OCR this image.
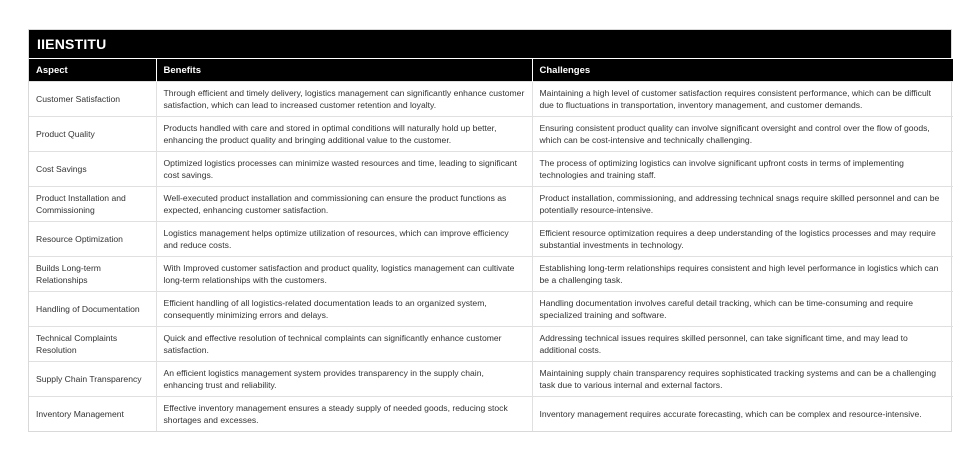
IIENSTITU
Aspect	Benefits	Challenges
Customer Satisfaction	Through efficient and timely delivery, logistics management can significantly enhance customer satisfaction, which can lead to increased customer retention and loyalty.	Maintaining a high level of customer satisfaction requires consistent performance, which can be difficult due to fluctuations in transportation, inventory management, and customer demands.
Product Quality	Products handled with care and stored in optimal conditions will naturally hold up better, enhancing the product quality and bringing additional value to the customer.	Ensuring consistent product quality can involve significant oversight and control over the flow of goods, which can be cost-intensive and technically challenging.
Cost Savings	Optimized logistics processes can minimize wasted resources and time, leading to significant cost savings.	The process of optimizing logistics can involve significant upfront costs in terms of implementing technologies and training staff.
Product Installation and Commissioning	Well-executed product installation and commissioning can ensure the product functions as expected, enhancing customer satisfaction.	Product installation, commissioning, and addressing technical snags require skilled personnel and can be potentially resource-intensive.
Resource Optimization	Logistics management helps optimize utilization of resources, which can improve efficiency and reduce costs.	Efficient resource optimization requires a deep understanding of the logistics processes and may require substantial investments in technology.
Builds Long-term Relationships	With Improved customer satisfaction and product quality, logistics management can cultivate long-term relationships with the customers.	Establishing long-term relationships requires consistent and high level performance in logistics which can be a challenging task.
Handling of Documentation	Efficient handling of all logistics-related documentation leads to an organized system, consequently minimizing errors and delays.	Handling documentation involves careful detail tracking, which can be time-consuming and require specialized training and software.
Technical Complaints Resolution	Quick and effective resolution of technical complaints can significantly enhance customer satisfaction.	Addressing technical issues requires skilled personnel, can take significant time, and may lead to additional costs.
Supply Chain Transparency	An efficient logistics management system provides transparency in the supply chain, enhancing trust and reliability.	Maintaining supply chain transparency requires sophisticated tracking systems and can be a challenging task due to various internal and external factors.
Inventory Management	Effective inventory management ensures a steady supply of needed goods, reducing stock shortages and excesses.	Inventory management requires accurate forecasting, which can be complex and resource-intensive.
